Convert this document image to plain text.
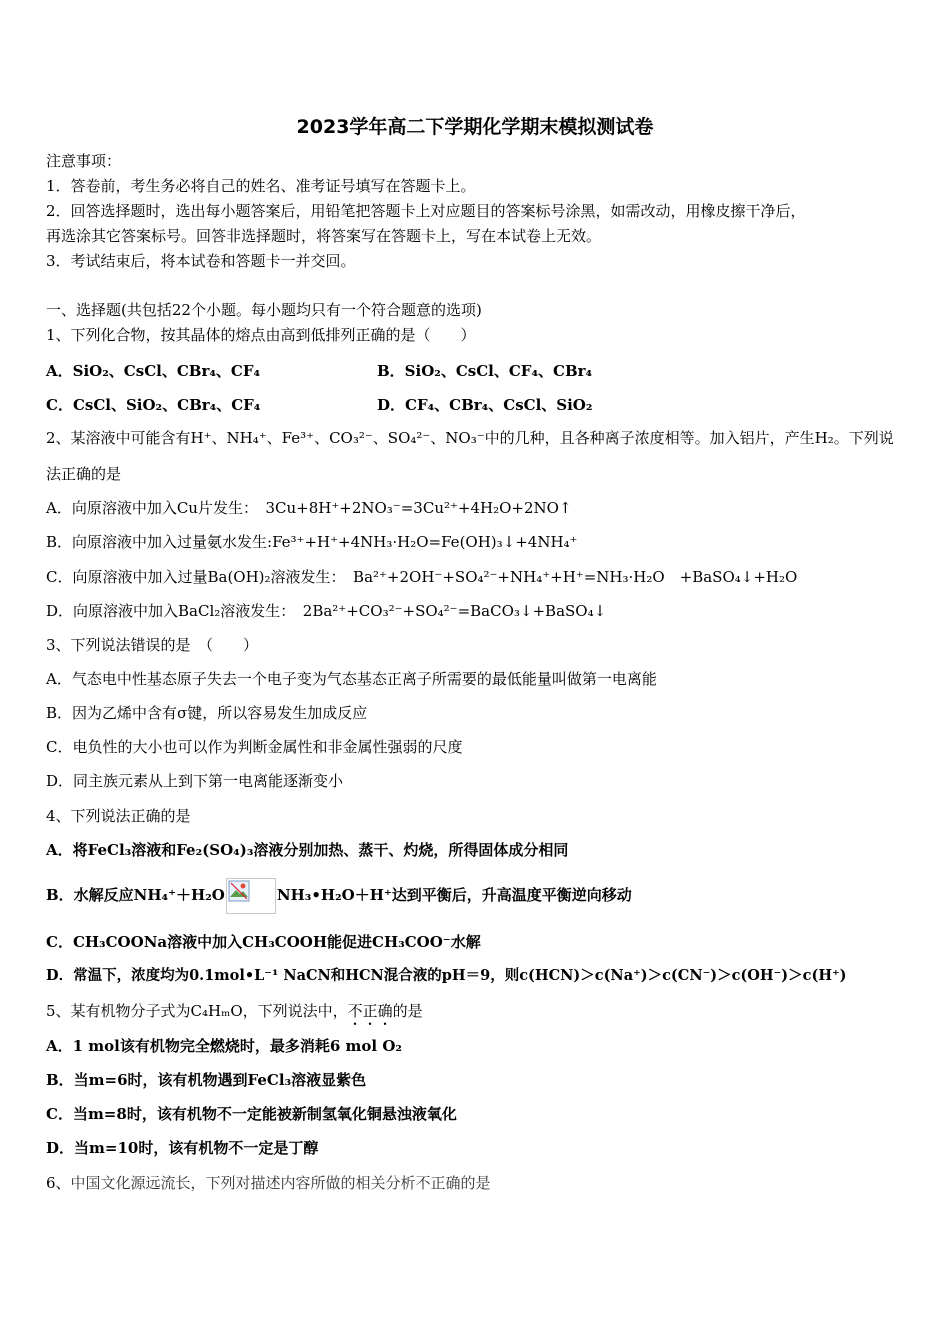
2023学年高二下学期化学期末模拟测试卷
注意事项：
1．答卷前，考生务必将自己的姓名、准考证号填写在答题卡上。
2．回答选择题时，选出每小题答案后，用铅笔把答题卡上对应题目的答案标号涂黑，如需改动，用橡皮擦干净后，
再选涂其它答案标号。回答非选择题时，将答案写在答题卡上，写在本试卷上无效。
3．考试结束后，将本试卷和答题卡一并交回。
一、选择题(共包括22个小题。每小题均只有一个符合题意的选项)
1、下列化合物，按其晶体的熔点由高到低排列正确的是（　　）
A．SiO₂、CsCl、CBr₄、CF₄	B．SiO₂、CsCl、CF₄、CBr₄
C．CsCl、SiO₂、CBr₄、CF₄	D．CF₄、CBr₄、CsCl、SiO₂
2、某溶液中可能含有H⁺、NH₄⁺、Fe³⁺、CO₃²⁻、SO₄²⁻、NO₃⁻中的几种，且各种离子浓度相等。加入铝片，产生H₂。下列说
法正确的是
A．向原溶液中加入Cu片发生：　3Cu+8H⁺+2NO₃⁻=3Cu²⁺+4H₂O+2NO↑
B．向原溶液中加入过量氨水发生:Fe³⁺+H⁺+4NH₃·H₂O=Fe(OH)₃↓+4NH₄⁺
C．向原溶液中加入过量Ba(OH)₂溶液发生：　Ba²⁺+2OH⁻+SO₄²⁻+NH₄⁺+H⁺=NH₃·H₂O　+BaSO₄↓+H₂O
D．向原溶液中加入BaCl₂溶液发生：　2Ba²⁺+CO₃²⁻+SO₄²⁻=BaCO₃↓+BaSO₄↓
3、下列说法错误的是　（　　）
A．气态电中性基态原子失去一个电子变为气态基态正离子所需要的最低能量叫做第一电离能
B．因为乙烯中含有σ键，所以容易发生加成反应
C．电负性的大小也可以作为判断金属性和非金属性强弱的尺度
D．同主族元素从上到下第一电离能逐渐变小
4、下列说法正确的是
A．将FeCl₃溶液和Fe₂(SO₄)₃溶液分别加热、蒸干、灼烧，所得固体成分相同
B．水解反应NH₄⁺＋H₂O	NH₃•H₂O＋H⁺达到平衡后，升高温度平衡逆向移动
C．CH₃COONa溶液中加入CH₃COOH能促进CH₃COO⁻水解
D．常温下，浓度均为0.1mol•L⁻¹ NaCN和HCN混合液的pH＝9，则c(HCN)＞c(Na⁺)＞c(CN⁻)＞c(OH⁻)＞c(H⁺)
5、某有机物分子式为C₄HₘO，下列说法中，不正确的是
A．1 mol该有机物完全燃烧时，最多消耗6 mol O₂
B．当m=6时，该有机物遇到FeCl₃溶液显紫色
C．当m=8时，该有机物不一定能被新制氢氧化铜悬浊液氧化
D．当m=10时，该有机物不一定是丁醇
6、中国文化源远流长，下列对描述内容所做的相关分析不正确的是
